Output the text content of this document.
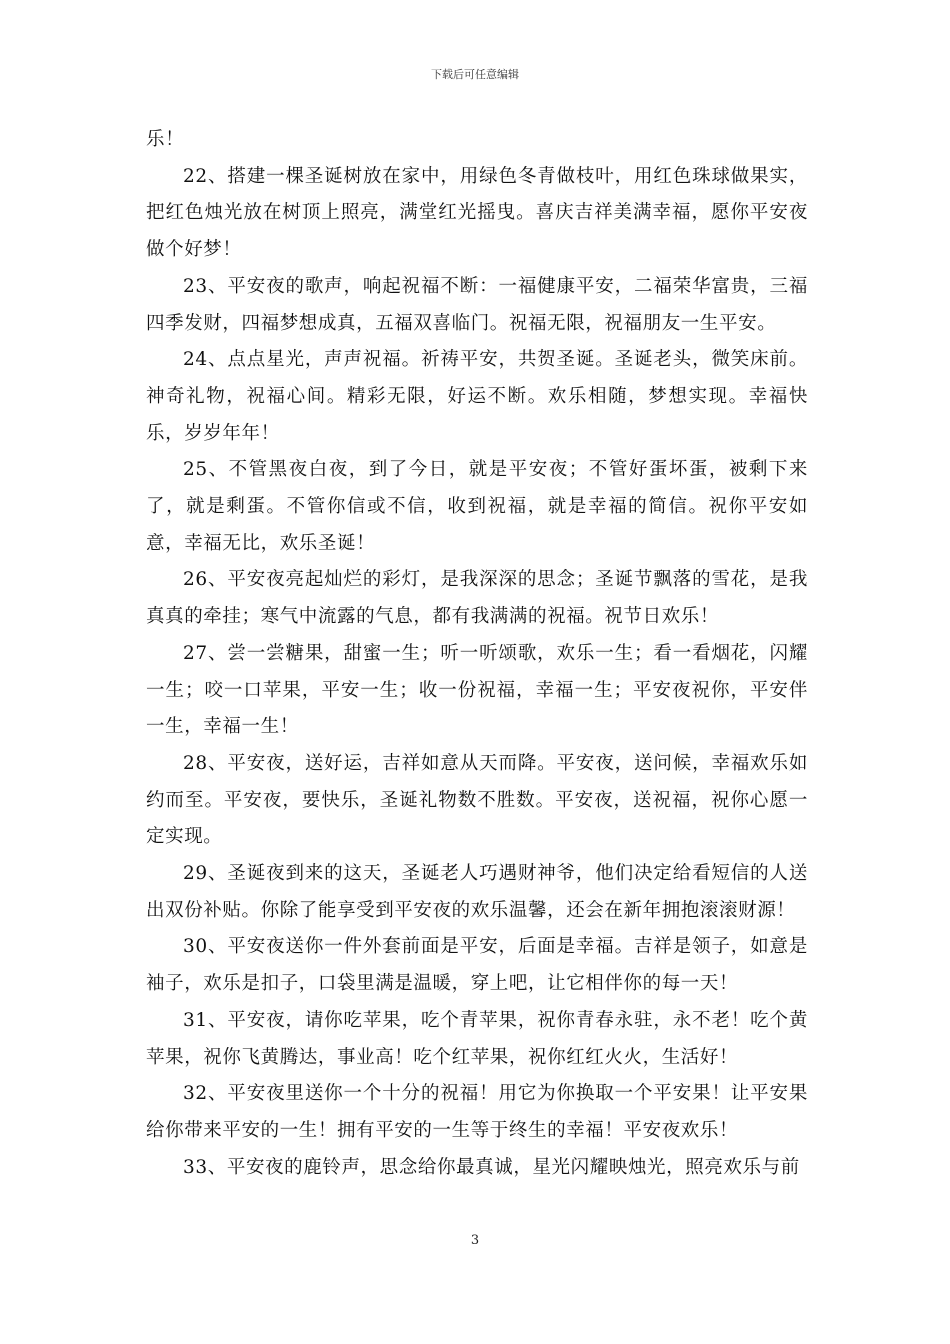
下载后可任意编辑

乐！

22、搭建一棵圣诞树放在家中，用绿色冬青做枝叶，用红色珠球做果实，把红色烛光放在树顶上照亮，满堂红光摇曳。喜庆吉祥美满幸福，愿你平安夜做个好梦！

23、平安夜的歌声，响起祝福不断：一福健康平安，二福荣华富贵，三福四季发财，四福梦想成真，五福双喜临门。祝福无限，祝福朋友一生平安。

24、点点星光，声声祝福。祈祷平安，共贺圣诞。圣诞老头，微笑床前。神奇礼物，祝福心间。精彩无限，好运不断。欢乐相随，梦想实现。幸福快乐，岁岁年年！

25、不管黑夜白夜，到了今日，就是平安夜；不管好蛋坏蛋，被剩下来了，就是剩蛋。不管你信或不信，收到祝福，就是幸福的简信。祝你平安如意，幸福无比，欢乐圣诞！

26、平安夜亮起灿烂的彩灯，是我深深的思念；圣诞节飘落的雪花，是我真真的牵挂；寒气中流露的气息，都有我满满的祝福。祝节日欢乐！

27、尝一尝糖果，甜蜜一生；听一听颂歌，欢乐一生；看一看烟花，闪耀一生；咬一口苹果，平安一生；收一份祝福，幸福一生；平安夜祝你，平安伴一生，幸福一生！

28、平安夜，送好运，吉祥如意从天而降。平安夜，送问候，幸福欢乐如约而至。平安夜，要快乐，圣诞礼物数不胜数。平安夜，送祝福，祝你心愿一定实现。

29、圣诞夜到来的这天，圣诞老人巧遇财神爷，他们决定给看短信的人送出双份补贴。你除了能享受到平安夜的欢乐温馨，还会在新年拥抱滚滚财源！

30、平安夜送你一件外套前面是平安，后面是幸福。吉祥是领子，如意是袖子，欢乐是扣子，口袋里满是温暖，穿上吧，让它相伴你的每一天！

31、平安夜，请你吃苹果，吃个青苹果，祝你青春永驻，永不老！吃个黄苹果，祝你飞黄腾达，事业高！吃个红苹果，祝你红红火火，生活好！

32、平安夜里送你一个十分的祝福！用它为你换取一个平安果！让平安果给你带来平安的一生！拥有平安的一生等于终生的幸福！平安夜欢乐！

33、平安夜的鹿铃声，思念给你最真诚，星光闪耀映烛光，照亮欢乐与前

3
